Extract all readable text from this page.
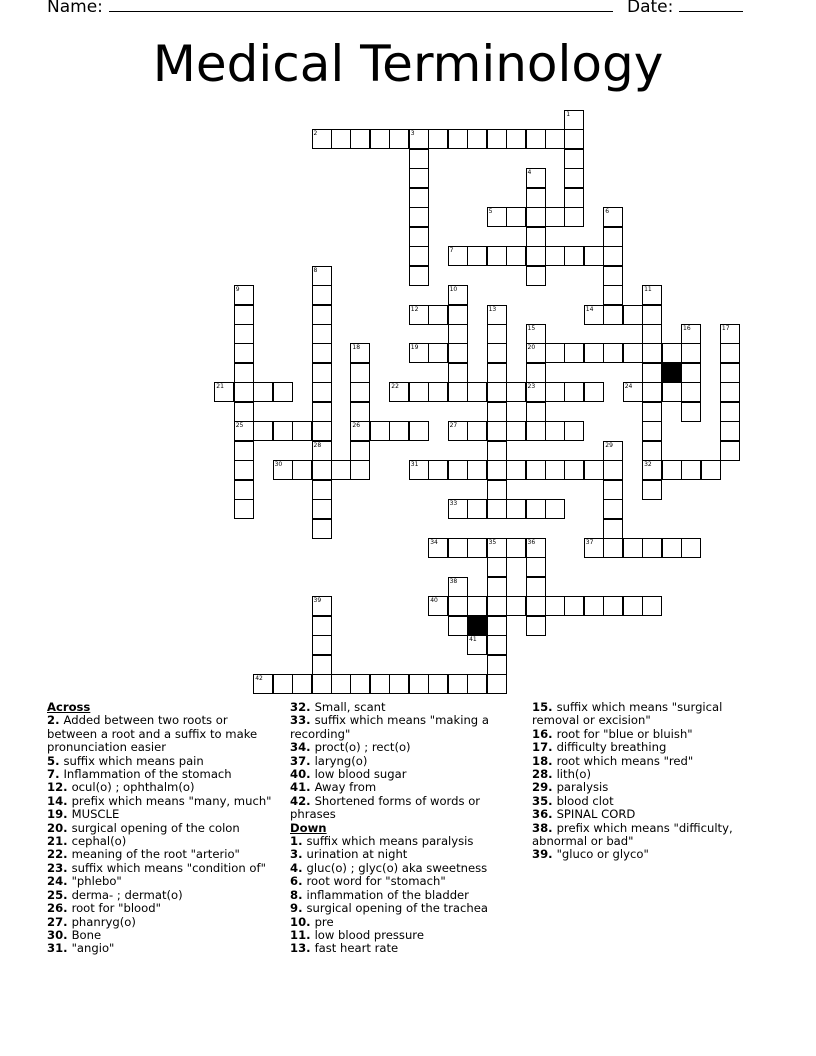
Name:	Date:
Medical Terminology
2	3
5
7
12	14
19	20
21	22	23	24
25	26	27
30	31	32
33
34	35	36	37
40
41
42
1
4
6
8
28
9	10	11
13
15	16	17
18
29
38
39
Across
2. Added between two roots or between a root and a suffix to make pronunciation easier
5. suffix which means pain
7. Inflammation of the stomach
12. ocul(o) ; ophthalm(o)
14. prefix which means "many, much"
19. MUSCLE
20. surgical opening of the colon
21. cephal(o)
22. meaning of the root "arterio"
23. suffix which means "condition of"
24. "phlebo"
25. derma- ; dermat(o)
26. root for "blood"
27. phanryg(o)
30. Bone
31. "angio"
32. Small, scant
33. suffix which means "making a recording"
34. proct(o) ; rect(o)
37. laryng(o)
40. low blood sugar
41. Away from
42. Shortened forms of words or phrases
Down
1. suffix which means paralysis
3. urination at night
4. gluc(o) ; glyc(o) aka sweetness
6. root word for "stomach"
8. inflammation of the bladder
9. surgical opening of the trachea
10. pre
11. low blood pressure
13. fast heart rate
15. suffix which means "surgical removal or excision"
16. root for "blue or bluish"
17. difficulty breathing
18. root which means "red"
28. lith(o)
29. paralysis
35. blood clot
36. SPINAL CORD
38. prefix which means "difficulty, abnormal or bad"
39. "gluco or glyco"
